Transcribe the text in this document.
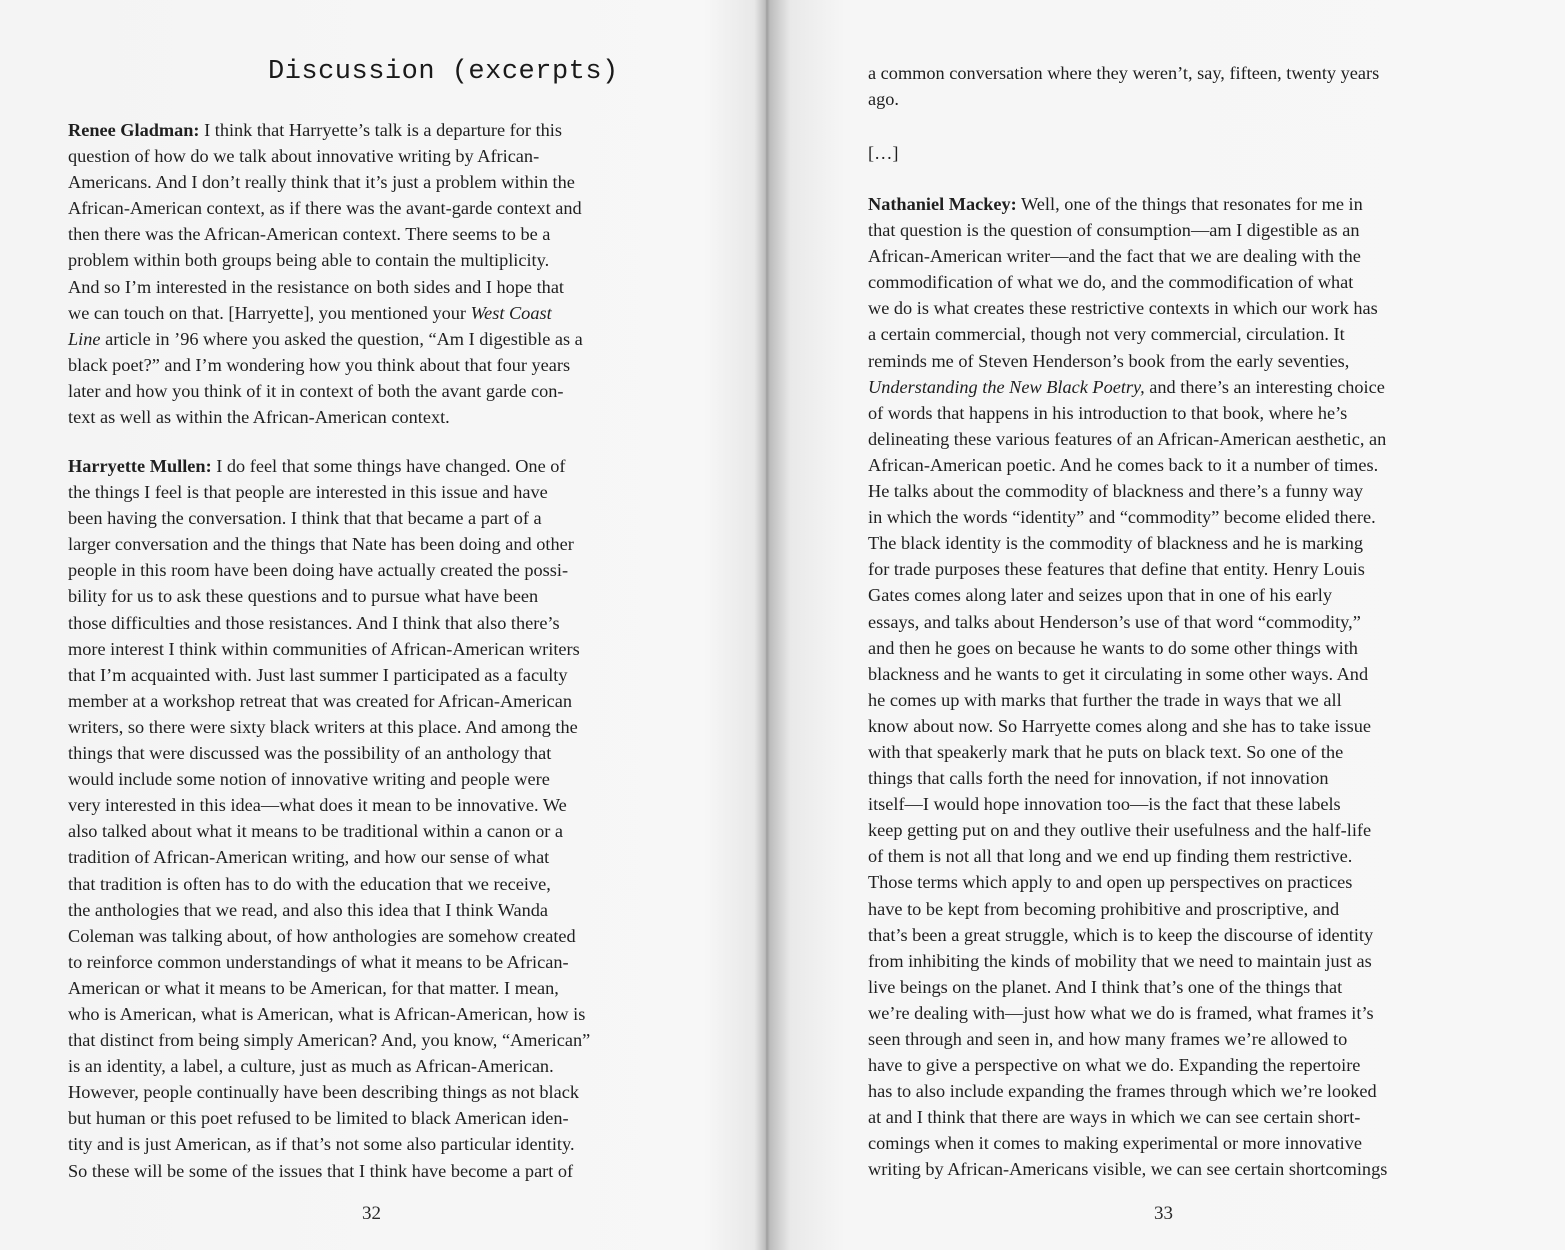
Discussion (excerpts)
Renee Gladman: I think that Harryette’s talk is a departure for this
question of how do we talk about innovative writing by African-
Americans. And I don’t really think that it’s just a problem within the
African-American context, as if there was the avant-garde context and
then there was the African-American context. There seems to be a
problem within both groups being able to contain the multiplicity.
And so I’m interested in the resistance on both sides and I hope that
we can touch on that. [Harryette], you mentioned your West Coast
Line article in ’96 where you asked the question, “Am I digestible as a
black poet?” and I’m wondering how you think about that four years
later and how you think of it in context of both the avant garde con-
text as well as within the African-American context.
Harryette Mullen: I do feel that some things have changed. One of
the things I feel is that people are interested in this issue and have
been having the conversation. I think that that became a part of a
larger conversation and the things that Nate has been doing and other
people in this room have been doing have actually created the possi-
bility for us to ask these questions and to pursue what have been
those difficulties and those resistances. And I think that also there’s
more interest I think within communities of African-American writers
that I’m acquainted with. Just last summer I participated as a faculty
member at a workshop retreat that was created for African-American
writers, so there were sixty black writers at this place. And among the
things that were discussed was the possibility of an anthology that
would include some notion of innovative writing and people were
very interested in this idea—what does it mean to be innovative. We
also talked about what it means to be traditional within a canon or a
tradition of African-American writing, and how our sense of what
that tradition is often has to do with the education that we receive,
the anthologies that we read, and also this idea that I think Wanda
Coleman was talking about, of how anthologies are somehow created
to reinforce common understandings of what it means to be African-
American or what it means to be American, for that matter. I mean,
who is American, what is American, what is African-American, how is
that distinct from being simply American? And, you know, “American”
is an identity, a label, a culture, just as much as African-American.
However, people continually have been describing things as not black
but human or this poet refused to be limited to black American iden-
tity and is just American, as if that’s not some also particular identity.
So these will be some of the issues that I think have become a part of
32
a common conversation where they weren’t, say, fifteen, twenty years
ago.
[…]
Nathaniel Mackey: Well, one of the things that resonates for me in
that question is the question of consumption—am I digestible as an
African-American writer—and the fact that we are dealing with the
commodification of what we do, and the commodification of what
we do is what creates these restrictive contexts in which our work has
a certain commercial, though not very commercial, circulation. It
reminds me of Steven Henderson’s book from the early seventies,
Understanding the New Black Poetry, and there’s an interesting choice
of words that happens in his introduction to that book, where he’s
delineating these various features of an African-American aesthetic, an
African-American poetic. And he comes back to it a number of times.
He talks about the commodity of blackness and there’s a funny way
in which the words “identity” and “commodity” become elided there.
The black identity is the commodity of blackness and he is marking
for trade purposes these features that define that entity. Henry Louis
Gates comes along later and seizes upon that in one of his early
essays, and talks about Henderson’s use of that word “commodity,”
and then he goes on because he wants to do some other things with
blackness and he wants to get it circulating in some other ways. And
he comes up with marks that further the trade in ways that we all
know about now. So Harryette comes along and she has to take issue
with that speakerly mark that he puts on black text. So one of the
things that calls forth the need for innovation, if not innovation
itself—I would hope innovation too—is the fact that these labels
keep getting put on and they outlive their usefulness and the half-life
of them is not all that long and we end up finding them restrictive.
Those terms which apply to and open up perspectives on practices
have to be kept from becoming prohibitive and proscriptive, and
that’s been a great struggle, which is to keep the discourse of identity
from inhibiting the kinds of mobility that we need to maintain just as
live beings on the planet. And I think that’s one of the things that
we’re dealing with—just how what we do is framed, what frames it’s
seen through and seen in, and how many frames we’re allowed to
have to give a perspective on what we do. Expanding the repertoire
has to also include expanding the frames through which we’re looked
at and I think that there are ways in which we can see certain short-
comings when it comes to making experimental or more innovative
writing by African-Americans visible, we can see certain shortcomings
33
